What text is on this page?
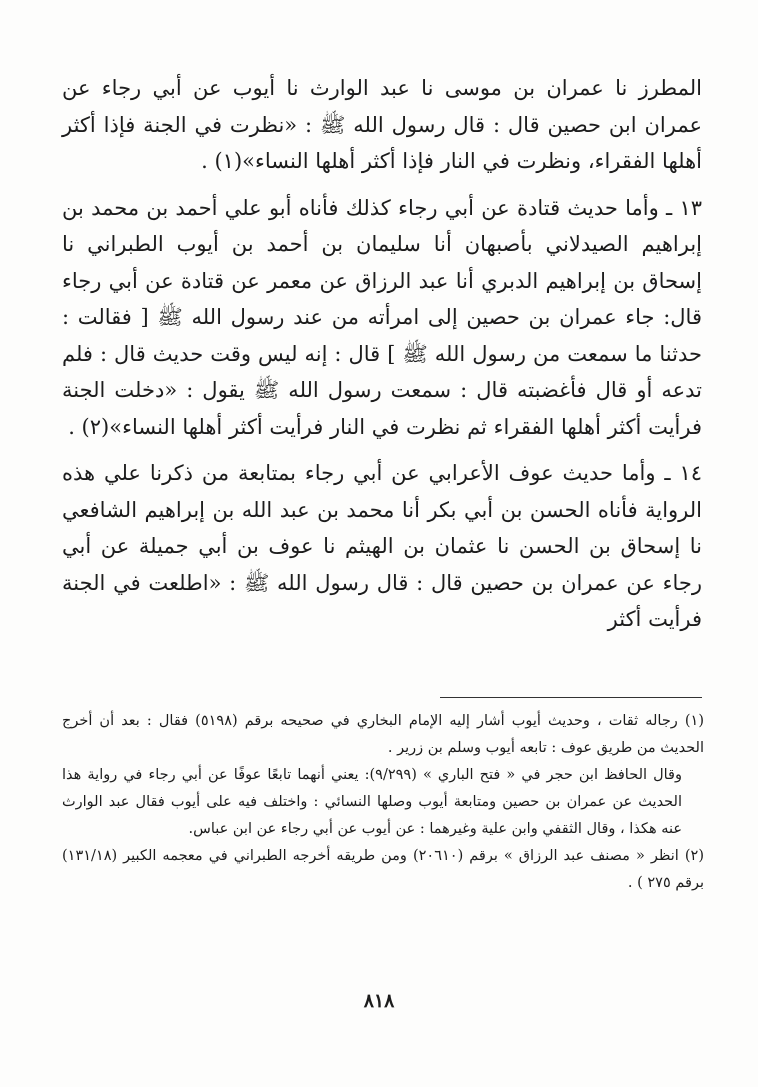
المطرز نا عمران بن موسى نا عبد الوارث نا أيوب عن أبي رجاء عن عمران ابن حصين قال : قال رسول الله ﷺ : «نظرت في الجنة فإذا أكثر أهلها الفقراء، ونظرت في النار فإذا أكثر أهلها النساء»(١) .

١٣ ـ وأما حديث قتادة عن أبي رجاء كذلك فأناه أبو علي أحمد بن محمد بن إبراهيم الصيدلاني بأصبهان أنا سليمان بن أحمد بن أيوب الطبراني نا إسحاق بن إبراهيم الدبري أنا عبد الرزاق عن معمر عن قتادة عن أبي رجاء قال: جاء عمران بن حصين إلى امرأته من عند رسول الله ﷺ [ فقالت : حدثنا ما سمعت من رسول الله ﷺ ] قال : إنه ليس وقت حديث قال : فلم تدعه أو قال فأغضبته قال : سمعت رسول الله ﷺ يقول : «دخلت الجنة فرأيت أكثر أهلها الفقراء ثم نظرت في النار فرأيت أكثر أهلها النساء»(٢) .

١٤ ـ وأما حديث عوف الأعرابي عن أبي رجاء بمتابعة من ذكرنا علي هذه الرواية فأناه الحسن بن أبي بكر أنا محمد بن عبد الله بن إبراهيم الشافعي نا إسحاق بن الحسن نا عثمان بن الهيثم نا عوف بن أبي جميلة عن أبي رجاء عن عمران بن حصين قال : قال رسول الله ﷺ : «اطلعت في الجنة فرأيت أكثر

(١) رجاله ثقات ، وحديث أيوب أشار إليه الإمام البخاري في صحيحه برقم (٥١٩٨) فقال : بعد أن أخرج الحديث من طريق عوف : تابعه أيوب وسلم بن زرير .

وقال الحافظ ابن حجر في « فتح الباري » (٩/٢٩٩): يعني أنهما تابعًا عوفًا عن أبي رجاء في رواية هذا الحديث عن عمران بن حصين ومتابعة أيوب وصلها النسائي : واختلف فيه على أيوب فقال عبد الوارث عنه هكذا ، وقال الثقفي وابن علية وغيرهما : عن أيوب عن أبي رجاء عن ابن عباس.

(٢) انظر « مصنف عبد الرزاق » برقم (٢٠٦١٠) ومن طريقه أخرجه الطبراني في معجمه الكبير (١٣١/١٨) برقم ٢٧٥ ) .

٨١٨
